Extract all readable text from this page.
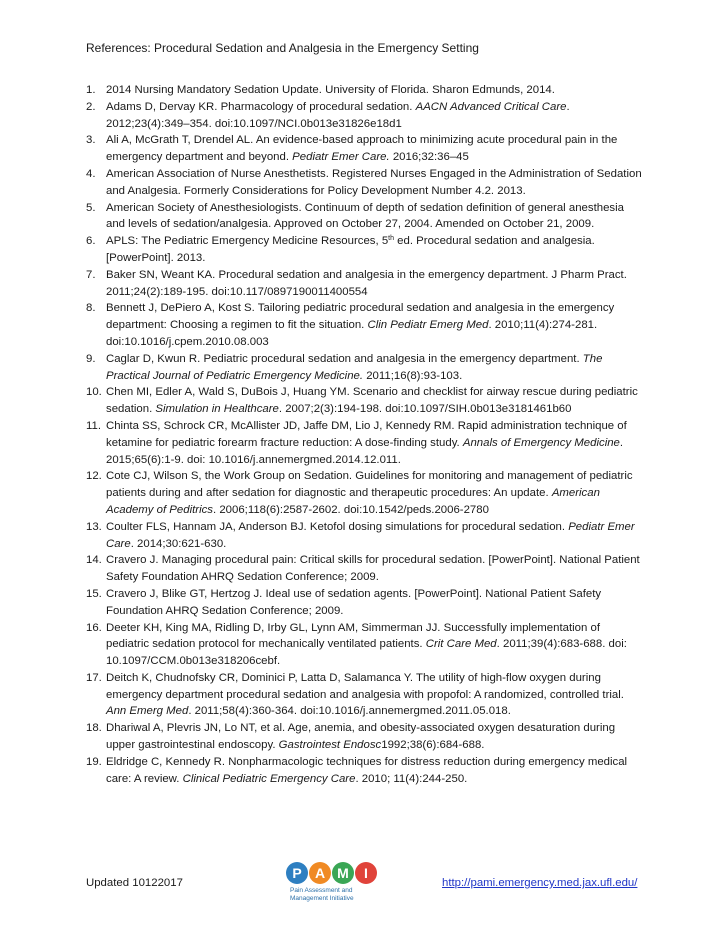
References: Procedural Sedation and Analgesia in the Emergency Setting
1. 2014 Nursing Mandatory Sedation Update. University of Florida. Sharon Edmunds, 2014.
2. Adams D, Dervay KR. Pharmacology of procedural sedation. AACN Advanced Critical Care. 2012;23(4):349–354. doi:10.1097/NCI.0b013e31826e18d1
3. Ali A, McGrath T, Drendel AL. An evidence-based approach to minimizing acute procedural pain in the emergency department and beyond. Pediatr Emer Care. 2016;32:36–45
4. American Association of Nurse Anesthetists. Registered Nurses Engaged in the Administration of Sedation and Analgesia. Formerly Considerations for Policy Development Number 4.2. 2013.
5. American Society of Anesthesiologists. Continuum of depth of sedation definition of general anesthesia and levels of sedation/analgesia. Approved on October 27, 2004. Amended on October 21, 2009.
6. APLS: The Pediatric Emergency Medicine Resources, 5th ed. Procedural sedation and analgesia. [PowerPoint]. 2013.
7. Baker SN, Weant KA. Procedural sedation and analgesia in the emergency department. J Pharm Pract. 2011;24(2):189-195. doi:10.117/0897190011400554
8. Bennett J, DePiero A, Kost S. Tailoring pediatric procedural sedation and analgesia in the emergency department: Choosing a regimen to fit the situation. Clin Pediatr Emerg Med. 2010;11(4):274-281. doi:10.1016/j.cpem.2010.08.003
9. Caglar D, Kwun R. Pediatric procedural sedation and analgesia in the emergency department. The Practical Journal of Pediatric Emergency Medicine. 2011;16(8):93-103.
10. Chen MI, Edler A, Wald S, DuBois J, Huang YM. Scenario and checklist for airway rescue during pediatric sedation. Simulation in Healthcare. 2007;2(3):194-198. doi:10.1097/SIH.0b013e3181461b60
11. Chinta SS, Schrock CR, McAllister JD, Jaffe DM, Lio J, Kennedy RM. Rapid administration technique of ketamine for pediatric forearm fracture reduction: A dose-finding study. Annals of Emergency Medicine. 2015;65(6):1-9. doi: 10.1016/j.annemergmed.2014.12.011.
12. Cote CJ, Wilson S, the Work Group on Sedation. Guidelines for monitoring and management of pediatric patients during and after sedation for diagnostic and therapeutic procedures: An update. American Academy of Peditrics. 2006;118(6):2587-2602. doi:10.1542/peds.2006-2780
13. Coulter FLS, Hannam JA, Anderson BJ. Ketofol dosing simulations for procedural sedation. Pediatr Emer Care. 2014;30:621-630.
14. Cravero J. Managing procedural pain: Critical skills for procedural sedation. [PowerPoint]. National Patient Safety Foundation AHRQ Sedation Conference; 2009.
15. Cravero J, Blike GT, Hertzog J. Ideal use of sedation agents. [PowerPoint]. National Patient Safety Foundation AHRQ Sedation Conference; 2009.
16. Deeter KH, King MA, Ridling D, Irby GL, Lynn AM, Simmerman JJ. Successfully implementation of pediatric sedation protocol for mechanically ventilated patients. Crit Care Med. 2011;39(4):683-688. doi: 10.1097/CCM.0b013e318206cebf.
17. Deitch K, Chudnofsky CR, Dominici P, Latta D, Salamanca Y. The utility of high-flow oxygen during emergency department procedural sedation and analgesia with propofol: A randomized, controlled trial. Ann Emerg Med. 2011;58(4):360-364. doi:10.1016/j.annemergmed.2011.05.018.
18. Dhariwal A, Plevris JN, Lo NT, et al. Age, anemia, and obesity-associated oxygen desaturation during upper gastrointestinal endoscopy. Gastrointest Endosc1992;38(6):684-688.
19. Eldridge C, Kennedy R. Nonpharmacologic techniques for distress reduction during emergency medical care: A review. Clinical Pediatric Emergency Care. 2010; 11(4):244-250.
Updated 10122017
P A M	I
Pain Assessment and
Management Initiative
http://pami.emergency.med.jax.ufl.edu/
